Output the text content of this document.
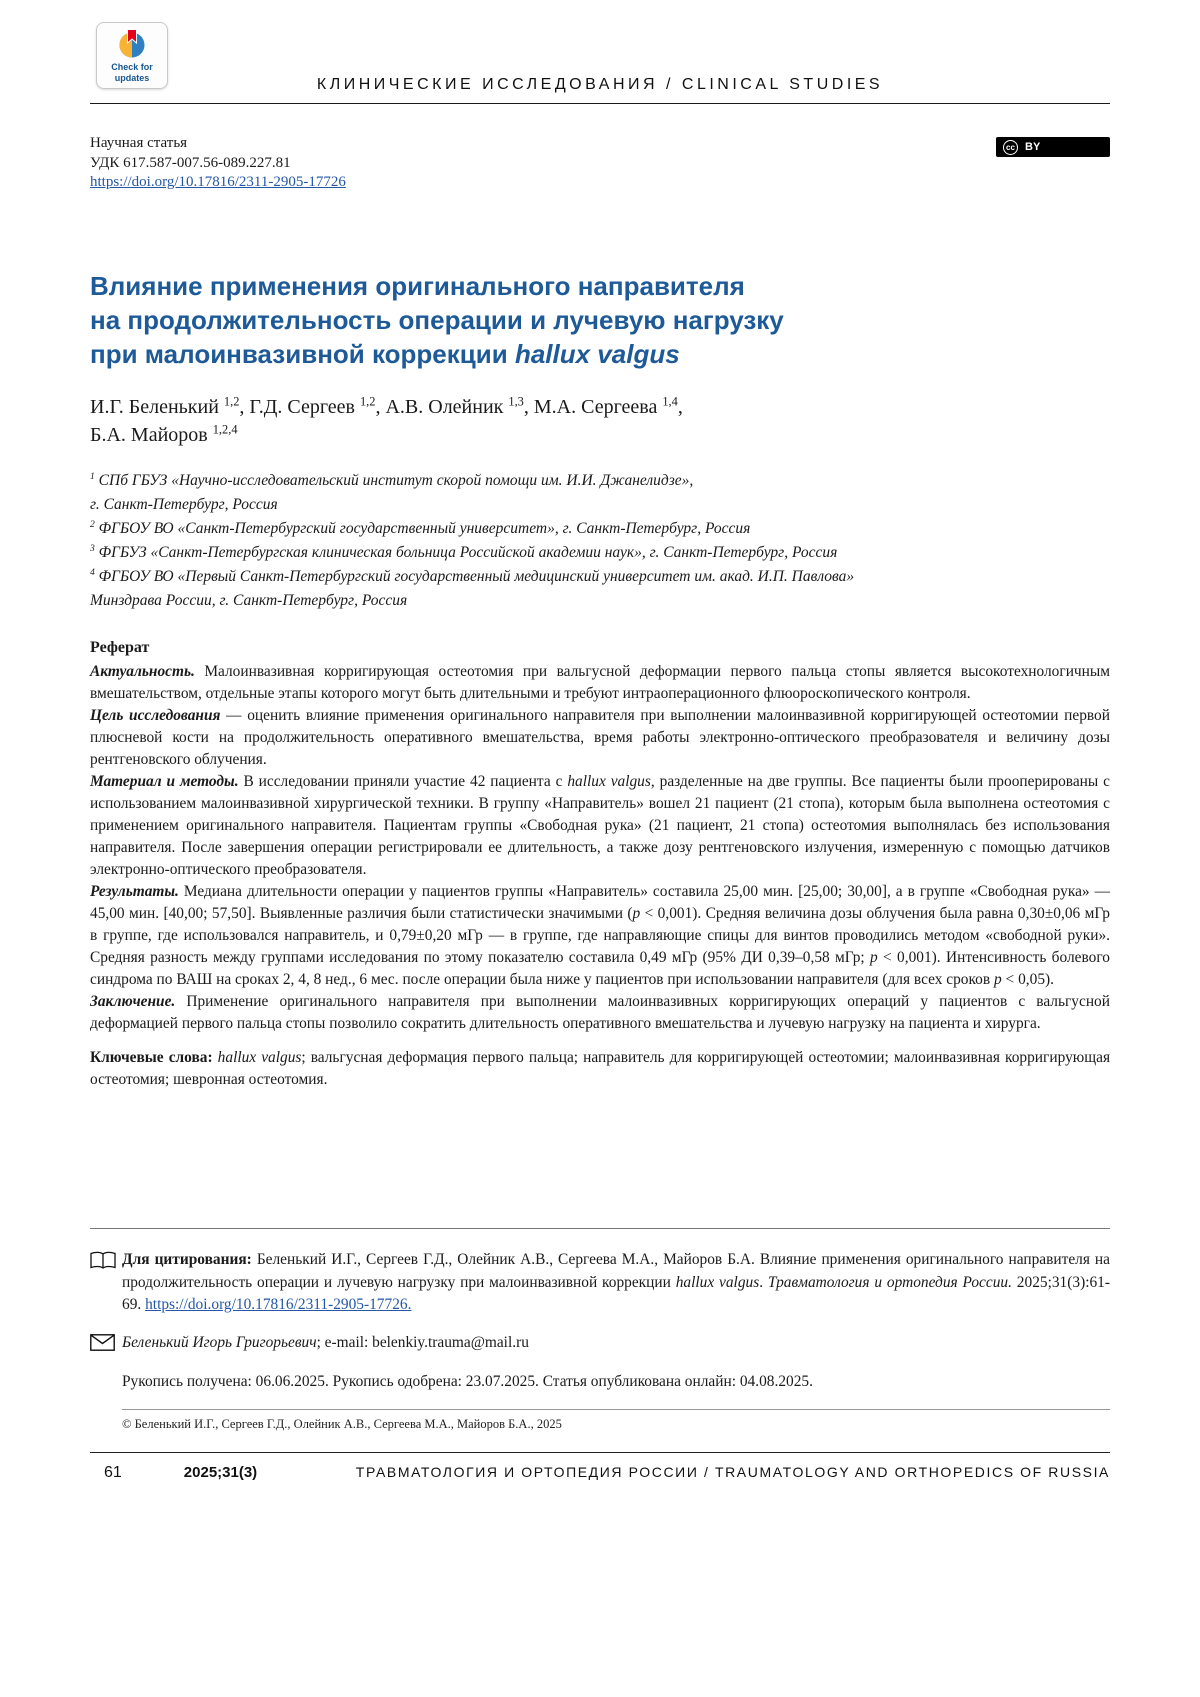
Check for
updates	КЛИНИЧЕСКИЕ ИССЛЕДОВАНИЯ / CLINICAL STUDIES
Научная статья
УДК 617.587-007.56-089.227.81
https://doi.org/10.17816/2311-2905-17726
cc BY
Влияние применения оригинального направителя
на продолжительность операции и лучевую нагрузку
при малоинвазивной коррекции hallux valgus
И.Г. Беленький $^{1,2}$, Г.Д. Сергеев $^{1,2}$, А.В. Олейник $^{1,3}$, М.А. Сергеева $^{1,4}$,
Б.А. Майоров $^{1,2,4}$
$^1$ СПб ГБУЗ «Научно-исследовательский институт скорой помощи им. И.И. Джанелидзе»,
г. Санкт-Петербург, Россия
$^2$ ФГБОУ ВО «Санкт-Петербургский государственный университет», г. Санкт-Петербург, Россия
$^3$ ФГБУЗ «Санкт-Петербургская клиническая больница Российской академии наук», г. Санкт-Петербург, Россия
$^4$ ФГБОУ ВО «Первый Санкт-Петербургский государственный медицинский университет им. акад. И.П. Павлова»
Минздрава России, г. Санкт-Петербург, Россия
Реферат

Актуальность. Малоинвазивная корригирующая остеотомия при вальгусной деформации первого пальца стопы является высокотехнологичным вмешательством, отдельные этапы которого могут быть длительными и требуют интраоперационного флюороскопического контроля.

Цель исследования — оценить влияние применения оригинального направителя при выполнении малоинвазивной корригирующей остеотомии первой плюсневой кости на продолжительность оперативного вмешательства, время работы электронно-оптического преобразователя и величину дозы рентгеновского облучения.

Материал и методы. В исследовании приняли участие 42 пациента с hallux valgus, разделенные на две группы. Все пациенты были прооперированы с использованием малоинвазивной хирургической техники. В группу «Направитель» вошел 21 пациент (21 стопа), которым была выполнена остеотомия с применением оригинального направителя. Пациентам группы «Свободная рука» (21 пациент, 21 стопа) остеотомия выполнялась без использования направителя. После завершения операции регистрировали ее длительность, а также дозу рентгеновского излучения, измеренную с помощью датчиков электронно-оптического преобразователя.

Результаты. Медиана длительности операции у пациентов группы «Направитель» составила 25,00 мин. [25,00; 30,00], а в группе «Свободная рука» — 45,00 мин. [40,00; 57,50]. Выявленные различия были статистически значимыми (p < 0,001). Средняя величина дозы облучения была равна 0,30±0,06 мГр в группе, где использовался направитель, и 0,79±0,20 мГр — в группе, где направляющие спицы для винтов проводились методом «свободной руки». Средняя разность между группами исследования по этому показателю составила 0,49 мГр (95% ДИ 0,39–0,58 мГр; p < 0,001). Интенсивность болевого синдрома по ВАШ на сроках 2, 4, 8 нед., 6 мес. после операции была ниже у пациентов при использовании направителя (для всех сроков p < 0,05).

Заключение. Применение оригинального направителя при выполнении малоинвазивных корригирующих операций у пациентов с вальгусной деформацией первого пальца стопы позволило сократить длительность оперативного вмешательства и лучевую нагрузку на пациента и хирурга.

Ключевые слова: hallux valgus; вальгусная деформация первого пальца; направитель для корригирующей остеотомии; малоинвазивная корригирующая остеотомия; шевронная остеотомия.

Для цитирования: Беленький И.Г., Сергеев Г.Д., Олейник А.В., Сергеева М.А., Майоров Б.А. Влияние применения оригинального направителя на продолжительность операции и лучевую нагрузку при малоинвазивной коррекции hallux valgus. Травматология и ортопедия России. 2025;31(3):61-69. https://doi.org/10.17816/2311-2905-17726.
Беленький Игорь Григорьевич; e-mail: belenkiy.trauma@mail.ru
Рукопись получена: 06.06.2025. Рукопись одобрена: 23.07.2025. Статья опубликована онлайн: 04.08.2025.
© Беленький И.Г., Сергеев Г.Д., Олейник А.В., Сергеева М.А., Майоров Б.А., 2025
61	2025;31(3)	ТРАВМАТОЛОГИЯ И ОРТОПЕДИЯ РОССИИ / TRAUMATOLOGY AND ORTHOPEDICS OF RUSSIA
